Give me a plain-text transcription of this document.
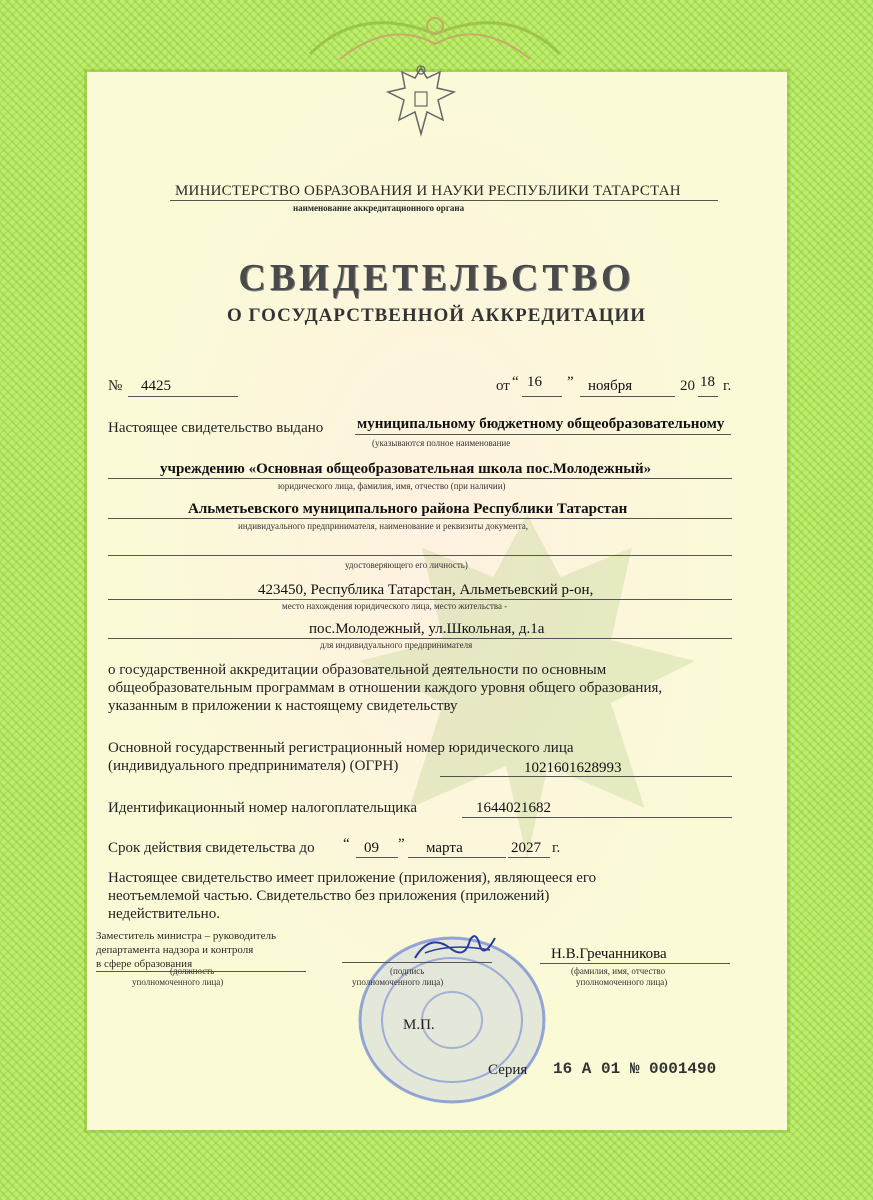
МИНИСТЕРСТВО ОБРАЗОВАНИЯ И НАУКИ РЕСПУБЛИКИ ТАТАРСТАН
наименование аккредитационного органа
СВИДЕТЕЛЬСТВО
О ГОСУДАРСТВЕННОЙ АККРЕДИТАЦИИ
№ 4425	от “ 16 ” ноября	20 18 г.
Настоящее свидетельство выдано муниципальному бюджетному общеобразовательному
(указываются полное наименование
учреждению «Основная общеобразовательная школа пос.Молодежный»
юридического лица, фамилия, имя, отчество (при наличии)
Альметьевского муниципального района Республики Татарстан
индивидуального предпринимателя, наименование и реквизиты документа,
удостоверяющего его личность)
423450, Республика Татарстан, Альметьевский р-он,
место нахождения юридического лица, место жительства -
пос.Молодежный, ул.Школьная, д.1а
для индивидуального предпринимателя
о государственной аккредитации образовательной деятельности по основным
общеобразовательным программам в отношении каждого уровня общего образования,
указанным в приложении к настоящему свидетельству
Основной государственный регистрационный номер юридического лица
(индивидуального предпринимателя) (ОГРН)	1021601628993
Идентификационный номер налогоплательщика	1644021682
Срок действия свидетельства до “ 09 ” марта	2027 г.
Настоящее свидетельство имеет приложение (приложения), являющееся его
неотъемлемой частью. Свидетельство без приложения (приложений)
недействительно.
Заместитель министра – руководитель
департамента надзора и контроля
в сфере образования
(должность
уполномоченного лица)
(подпись
уполномоченного лица)
Н.В.Гречанникова
(фамилия, имя, отчество
уполномоченного лица)
М.П.
Серия 16 А 01 № 0001490
